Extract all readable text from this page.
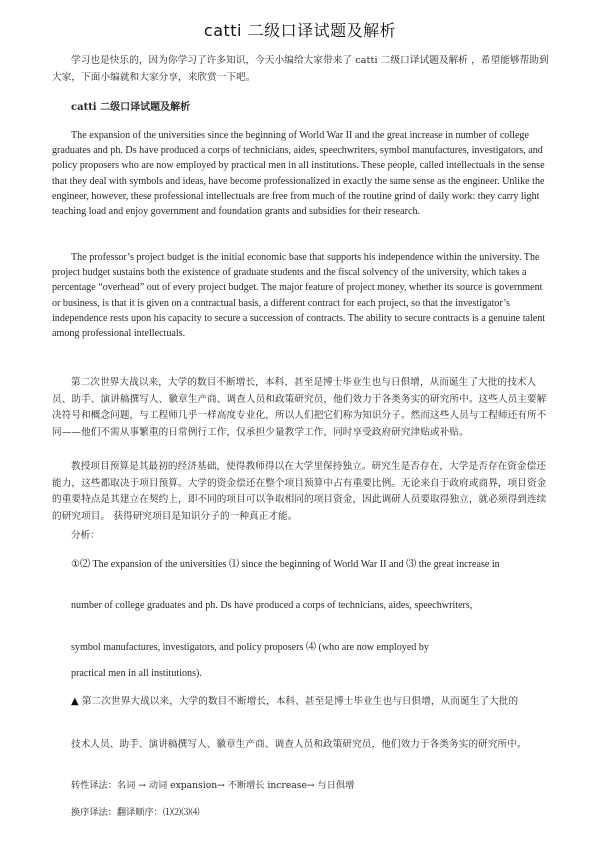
catti 二级口译试题及解析

学习也是快乐的，因为你学习了许多知识，今天小编给大家带来了 catti 二级口译试题及解析 ，希望能够帮助到大家，下面小编就和大家分享，来欣赏一下吧。

catti 二级口译试题及解析

The expansion of the universities since the beginning of World War II and the great increase in number of college graduates and ph. Ds have produced a corps of technicians, aides, speechwriters, symbol manufactures, investigators, and policy proposers who are now employed by practical men in all institutions. These people, called intellectuals in the sense that they deal with symbols and ideas, have become professionalized in exactly the same sense as the engineer. Unlike the engineer, however, these professional intellectuals are free from much of the routine grind of daily work: they carry light teaching load and enjoy government and foundation grants and subsidies for their research.

The professor’s project budget is the initial economic base that supports his independence within the university. The project budget sustains both the existence of graduate students and the fiscal solvency of the university, which takes a percentage “overhead” out of every project budget. The major feature of project money, whether its source is government or business, is that it is given on a contractual basis, a different contract for each project, so that the investigator’s independence rests upon his capacity to secure a succession of contracts. The ability to secure contracts is a genuine talent among professional intellectuals.

第二次世界大战以来，大学的数目不断增长，本科、甚至是博士毕业生也与日俱增，从而诞生了大批的技术人员、助手、演讲稿撰写人、徽章生产商、调查人员和政策研究员，他们效力于各类务实的研究所中。这些人员主要解决符号和概念问题，与工程师几乎一样高度专业化，所以人们把它们称为知识分子。然而这些人员与工程师还有所不同——他们不需从事繁重的日常例行工作，仅承担少量教学工作，同时享受政府研究津贴或补贴。

教授项目预算是其最初的经济基础，使得教师得以在大学里保持独立。研究生是否存在，大学是否存在资金偿还能力，这些都取决于项目预算。大学的资金偿还在整个项目预算中占有重要比例。无论来自于政府或商界，项目资金的重要特点是其建立在契约上，即不同的项目可以争取相同的项目资金，因此调研人员要取得独立，就必须得到连续的研究项目。 获得研究项目是知识分子的一种真正才能。

分析：

①⑵ The expansion of the universities ⑴ since the beginning of World War II and ⑶ the great increase in

number of college graduates and ph. Ds have produced a corps of technicians, aides, speechwriters,

symbol manufactures, investigators, and policy proposers ⑷ (who are now employed by

practical men in all institutions).

▲ 第二次世界大战以来，大学的数目不断增长，本科、甚至是博士毕业生也与日俱增，从而诞生了大批的

技术人员、助手、演讲稿撰写人、徽章生产商、调查人员和政策研究员，他们效力于各类务实的研究所中。

转性译法：名词 → 动词 expansion→ 不断增长 increase→ 与日俱增

换序译法：翻译顺序：⑴⑵⑶⑷
